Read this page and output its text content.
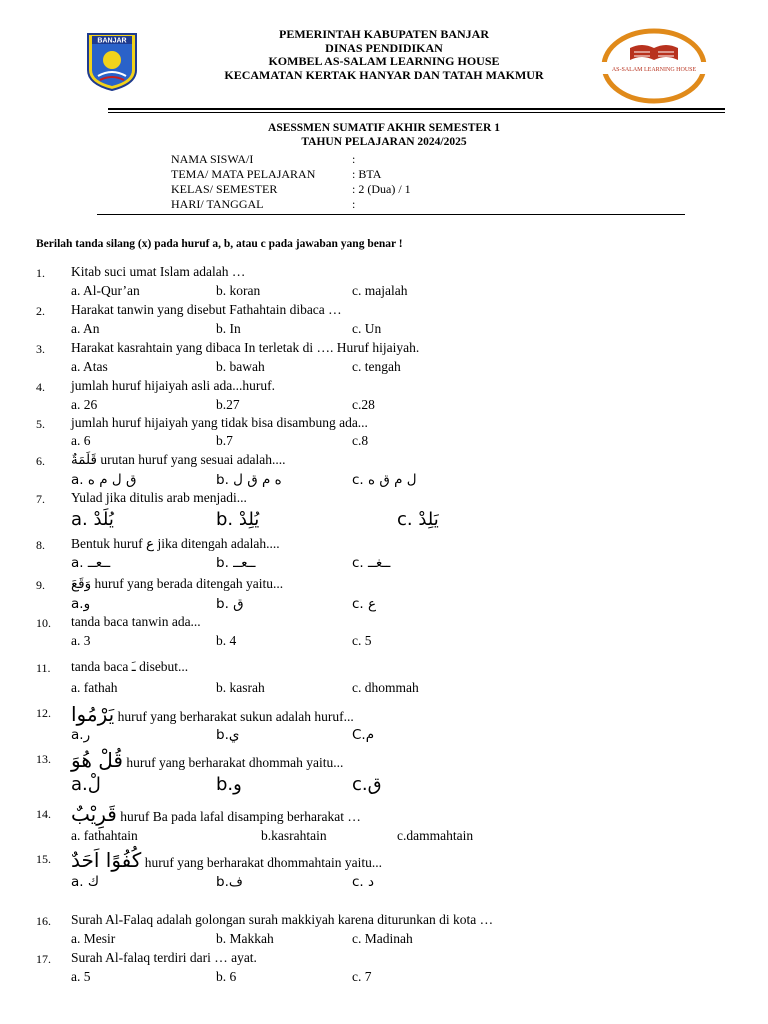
BANJAR
AS-SALAM LEARNING HOUSE
PEMERINTAH KABUPATEN BANJAR
DINAS PENDIDIKAN
KOMBEL AS-SALAM LEARNING HOUSE
KECAMATAN KERTAK HANYAR DAN TATAH MAKMUR
ASESSMEN SUMATIF AKHIR SEMESTER 1
TAHUN PELAJARAN 2024/2025
NAMA SISWA/I	:
TEMA/ MATA PELAJARAN	: BTA
KELAS/ SEMESTER	: 2 (Dua) / 1
HARI/ TANGGAL	:
Berilah tanda silang (x) pada huruf a, b, atau c pada jawaban yang benar !
1. Kitab suci umat Islam adalah …
a. Al-Qur’an	b. koran	c. majalah
2. Harakat tanwin yang disebut Fathahtain dibaca …
a. An	b. In	c. Un
3. Harakat kasrahtain yang dibaca In terletak di …. Huruf hijaiyah.
a. Atas	b. bawah	c. tengah
4. jumlah huruf hijaiyah asli ada...huruf.
a. 26	b.27	c.28
5. jumlah huruf hijaiyah yang tidak bisa disambung ada...
a. 6	b.7	c.8
6. قَلَمَةٌ urutan huruf yang sesuai adalah....
a. ق ل م ه	b. ه م ق ل	c. ل م ق ه
7. Yulad jika ditulis arab menjadi...
a. يُلَدْ	b. يُلِدْ	c. يَلِدْ
8. Bentuk huruf ع jika ditengah adalah....
a. ــعــ	b. ــعــ	c. ــغــ
9. وَقَعَ huruf yang berada ditengah yaitu...
a.و	b. ق	c. ع
10. tanda baca tanwin ada...
a. 3	b. 4	c. 5
11. tanda baca ـَ disebut...
a. fathah	b. kasrah	c. dhommah
12. يَرْمُوا huruf yang berharakat sukun adalah huruf...
a.ر	b.ي	C.م
13. قُلْ هُوَ huruf yang berharakat dhommah yaitu...
a.لْ	b.و	c.ق
14. قَرِيْبٌ huruf Ba pada lafal disamping berharakat …
a. fathahtain	b.kasrahtain	c.dammahtain
15. كُفُوًا اَحَدٌ huruf yang berharakat dhommahtain yaitu...
a. ك	b.ف	c. د
16. Surah Al-Falaq adalah golongan surah makkiyah karena diturunkan di kota …
a. Mesir	b. Makkah	c. Madinah
17. Surah Al-falaq terdiri dari … ayat.
a. 5	b. 6	c. 7
